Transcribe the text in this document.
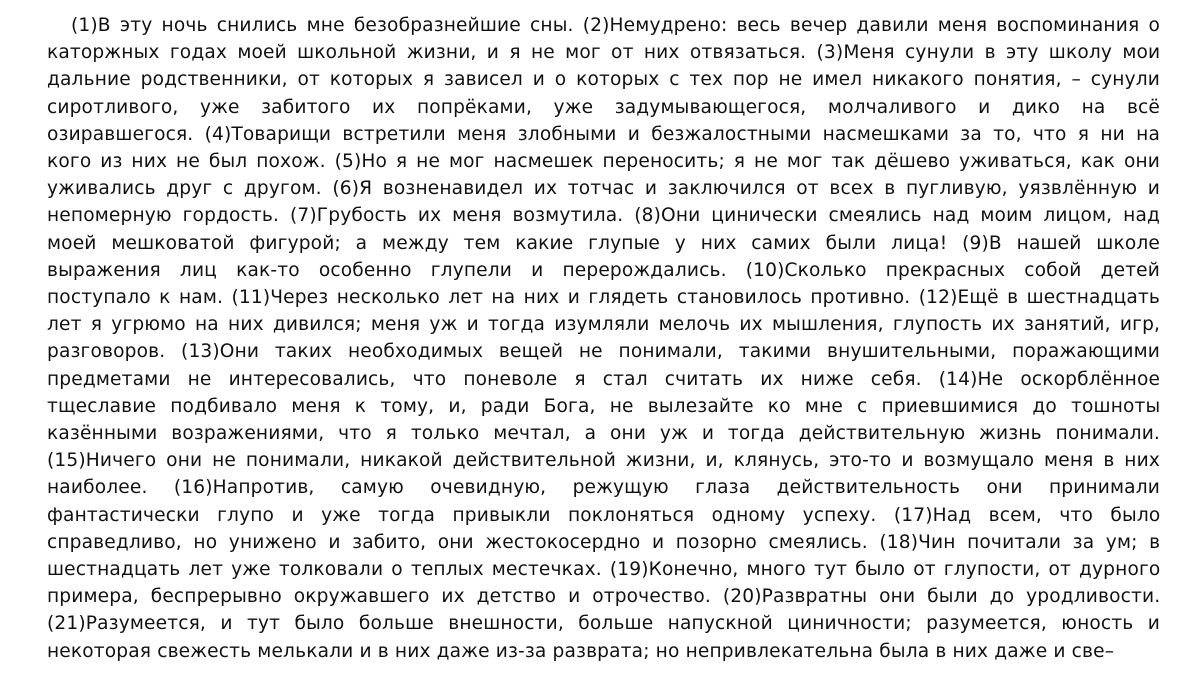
(1)В эту ночь снились мне безобразнейшие сны. (2)Немудрено: весь вечер давили меня воспоминания о
каторжных годах моей школьной жизни, и я не мог от них отвязаться. (3)Меня сунули в эту школу мои
дальние родственники, от которых я зависел и о которых с тех пор не имел никакого понятия, – сунули
сиротливого, уже забитого их попрёками, уже задумывающегося, молчаливого и дико на всё
озиравшегося. (4)Товарищи встретили меня злобными и безжалостными насмешками за то, что я ни на
кого из них не был похож. (5)Но я не мог насмешек переносить; я не мог так дёшево уживаться, как они
уживались друг с другом. (6)Я возненавидел их тотчас и заключился от всех в пугливую, уязвлённую и
непомерную гордость. (7)Грубость их меня возмутила. (8)Они цинически смеялись над моим лицом, над
моей мешковатой фигурой; а между тем какие глупые у них самих были лица! (9)В нашей школе
выражения лиц как-то особенно глупели и перерождались. (10)Сколько прекрасных собой детей
поступало к нам. (11)Через несколько лет на них и глядеть становилось противно. (12)Ещё в шестнадцать
лет я угрюмо на них дивился; меня уж и тогда изумляли мелочь их мышления, глупость их занятий, игр,
разговоров. (13)Они таких необходимых вещей не понимали, такими внушительными, поражающими
предметами не интересовались, что поневоле я стал считать их ниже себя. (14)Не оскорблённое
тщеславие подбивало меня к тому, и, ради Бога, не вылезайте ко мне с приевшимися до тошноты
казёнными возражениями, что я только мечтал, а они уж и тогда действительную жизнь понимали.
(15)Ничего они не понимали, никакой действительной жизни, и, клянусь, это-то и возмущало меня в них
наиболее. (16)Напротив, самую очевидную, режущую глаза действительность они принимали
фантастически глупо и уже тогда привыкли поклоняться одному успеху. (17)Над всем, что было
справедливо, но унижено и забито, они жестокосердно и позорно смеялись. (18)Чин почитали за ум; в
шестнадцать лет уже толковали о теплых местечках. (19)Конечно, много тут было от глупости, от дурного
примера, беспрерывно окружавшего их детство и отрочество. (20)Развратны они были до уродливости.
(21)Разумеется, и тут было больше внешности, больше напускной циничности; разумеется, юность и
некоторая свежесть мелькали и в них даже из-за разврата; но непривлекательна была в них даже и све–
